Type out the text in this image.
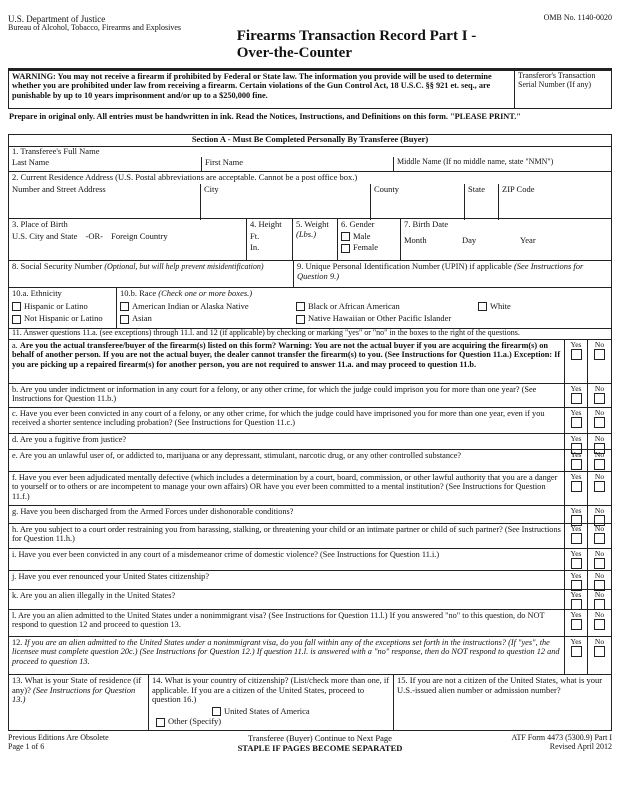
U.S. Department of Justice
Bureau of Alcohol, Tobacco, Firearms and Explosives
Firearms Transaction Record Part I -
Over-the-Counter
OMB No. 1140-0020
WARNING: You may not receive a firearm if prohibited by Federal or State law. The information you provide will be used to determine whether you are prohibited under law from receiving a firearm. Certain violations of the Gun Control Act, 18 U.S.C. §§ 921 et. seq., are punishable by up to 10 years imprisonment and/or up to a $250,000 fine.
Transferor's Transaction Serial Number (If any)
Prepare in original only. All entries must be handwritten in ink. Read the Notices, Instructions, and Definitions on this form. "PLEASE PRINT."
Section A - Must Be Completed Personally By Transferee (Buyer)
1. Transferee's Full Name
Last Name	First Name	Middle Name (If no middle name, state "NMN")
2. Current Residence Address (U.S. Postal abbreviations are acceptable. Cannot be a post office box.)
Number and Street Address	City	County	State	ZIP Code
3. Place of Birth
U.S. City and State -OR- Foreign Country
4. Height
Ft.
In.
5. Weight
(Lbs.)
6. Gender
Male
Female
7. Birth Date
Month	Day	Year
8. Social Security Number (Optional, but will help prevent misidentification)	9. Unique Personal Identification Number (UPIN) if applicable (See Instructions for Question 9.)
10.a. Ethnicity
Hispanic or Latino
Not Hispanic or Latino
10.b. Race (Check one or more boxes.)
American Indian or Alaska Native	Black or African American	White
Asian	Native Hawaiian or Other Pacific Islander
11. Answer questions 11.a. (see exceptions) through 11.l. and 12 (if applicable) by checking or marking "yes" or "no" in the boxes to the right of the questions.
a. Are you the actual transferee/buyer of the firearm(s) listed on this form? Warning: You are not the actual buyer if you are acquiring the firearm(s) on behalf of another person. If you are not the actual buyer, the dealer cannot transfer the firearm(s) to you. (See Instructions for Question 11.a.) Exception: If you are picking up a repaired firearm(s) for another person, you are not required to answer 11.a. and may proceed to question 11.b.
Yes	No
b. Are you under indictment or information in any court for a felony, or any other crime, for which the judge could imprison you for more than one year? (See Instructions for Question 11.b.)
Yes	No
c. Have you ever been convicted in any court of a felony, or any other crime, for which the judge could have imprisoned you for more than one year, even if you received a shorter sentence including probation? (See Instructions for Question 11.c.)
Yes	No
d. Are you a fugitive from justice?	Yes	No
e. Are you an unlawful user of, or addicted to, marijuana or any depressant, stimulant, narcotic drug, or any other controlled substance?	Yes	No
f. Have you ever been adjudicated mentally defective (which includes a determination by a court, board, commission, or other lawful authority that you are a danger to yourself or to others or are incompetent to manage your own affairs) OR have you ever been committed to a mental institution? (See Instructions for Question 11.f.)
Yes	No
g. Have you been discharged from the Armed Forces under dishonorable conditions?	Yes	No
h. Are you subject to a court order restraining you from harassing, stalking, or threatening your child or an intimate partner or child of such partner? (See Instructions for Question 11.h.)
Yes	No
i. Have you ever been convicted in any court of a misdemeanor crime of domestic violence? (See Instructions for Question 11.i.)	Yes	No
j. Have you ever renounced your United States citizenship?	Yes	No
k. Are you an alien illegally in the United States?	Yes	No
l. Are you an alien admitted to the United States under a nonimmigrant visa? (See Instructions for Question 11.l.) If you answered "no" to this question, do NOT respond to question 12 and proceed to question 13.
Yes	No
12. If you are an alien admitted to the United States under a nonimmigrant visa, do you fall within any of the exceptions set forth in the instructions? (If "yes", the licensee must complete question 20c.) (See Instructions for Question 12.) If question 11.l. is answered with a "no" response, then do NOT respond to question 12 and proceed to question 13.
Yes	No
13. What is your State of residence (if any)? (See Instructions for Question 13.)
14. What is your country of citizenship? (List/check more than one, if applicable. If you are a citizen of the United States, proceed to question 16.)
United States of America
Other (Specify)
15. If you are not a citizen of the United States, what is your U.S.-issued alien number or admission number?
Previous Editions Are Obsolete
Page 1 of 6
Transferee (Buyer) Continue to Next Page
STAPLE IF PAGES BECOME SEPARATED
ATF Form 4473 (5300.9) Part I
Revised April 2012
